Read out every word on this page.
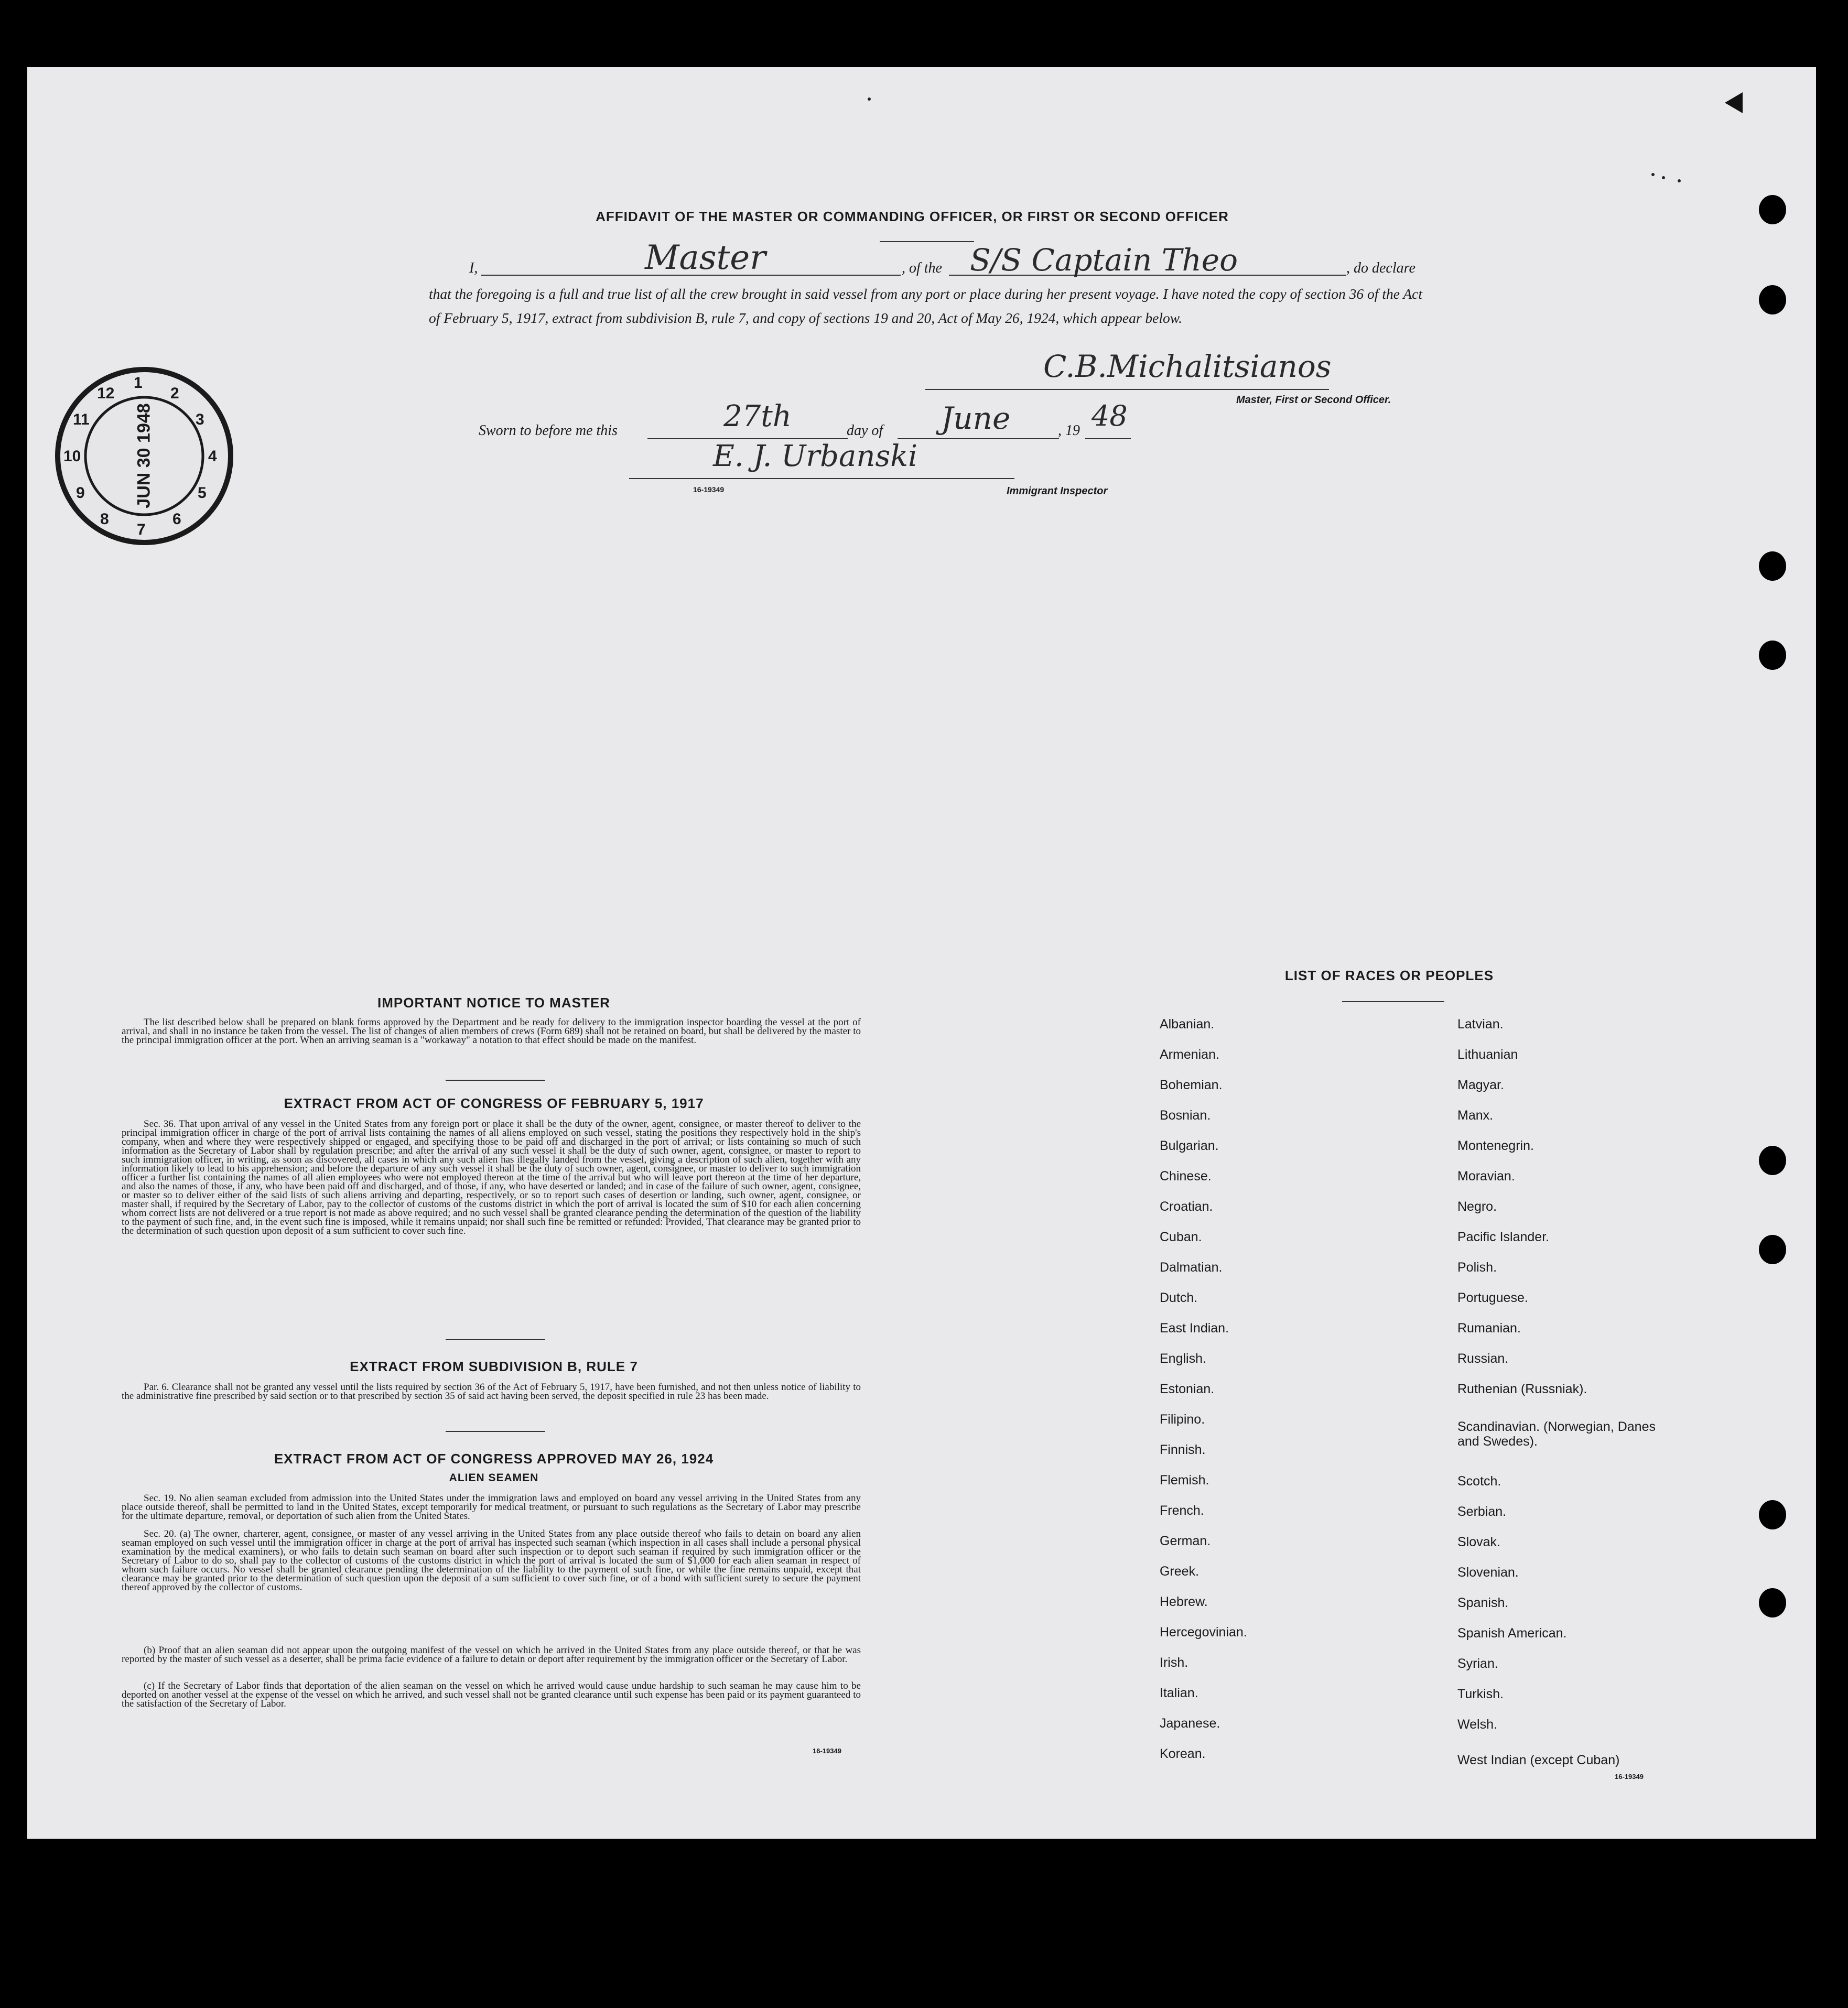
AFFIDAVIT OF THE MASTER OR COMMANDING OFFICER, OR FIRST OR SECOND OFFICER
I,	Master	, of the S/S Captain Theo	, do declare
that the foregoing is a full and true list of all the crew brought in said vessel from any port or place during her present voyage. I have noted the copy of section 36 of the Act of February 5, 1917, extract from subdivision B, rule 7, and copy of sections 19 and 20, Act of May 26, 1924, which appear below.
C.B.Michalitsianos
Master, First or Second Officer.
Sworn to before me this	27th	day of June	, 19 48
E. J. Urbanski
16-19349	Immigrant Inspector
1
2
3
4
5
6
7
8
9
10
11
12
JUN 30 1948
IMPORTANT NOTICE TO MASTER
The list described below shall be prepared on blank forms approved by the Department and be ready for delivery to the immigration inspector boarding the vessel at the port of arrival, and shall in no instance be taken from the vessel. The list of changes of alien members of crews (Form 689) shall not be retained on board, but shall be delivered by the master to the principal immigration officer at the port. When an arriving seaman is a "workaway" a notation to that effect should be made on the manifest.
EXTRACT FROM ACT OF CONGRESS OF FEBRUARY 5, 1917
Sec. 36. That upon arrival of any vessel in the United States from any foreign port or place it shall be the duty of the owner, agent, consignee, or master thereof to deliver to the principal immigration officer in charge of the port of arrival lists containing the names of all aliens employed on such vessel, stating the positions they respectively hold in the ship's company, when and where they were respectively shipped or engaged, and specifying those to be paid off and discharged in the port of arrival; or lists containing so much of such information as the Secretary of Labor shall by regulation prescribe; and after the arrival of any such vessel it shall be the duty of such owner, agent, consignee, or master to report to such immigration officer, in writing, as soon as discovered, all cases in which any such alien has illegally landed from the vessel, giving a description of such alien, together with any information likely to lead to his apprehension; and before the departure of any such vessel it shall be the duty of such owner, agent, consignee, or master to deliver to such immigration officer a further list containing the names of all alien employees who were not employed thereon at the time of the arrival but who will leave port thereon at the time of her departure, and also the names of those, if any, who have been paid off and discharged, and of those, if any, who have deserted or landed; and in case of the failure of such owner, agent, consignee, or master so to deliver either of the said lists of such aliens arriving and departing, respectively, or so to report such cases of desertion or landing, such owner, agent, consignee, or master shall, if required by the Secretary of Labor, pay to the collector of customs of the customs district in which the port of arrival is located the sum of $10 for each alien concerning whom correct lists are not delivered or a true report is not made as above required; and no such vessel shall be granted clearance pending the determination of the question of the liability to the payment of such fine, and, in the event such fine is imposed, while it remains unpaid; nor shall such fine be remitted or refunded: Provided, That clearance may be granted prior to the determination of such question upon deposit of a sum sufficient to cover such fine.
EXTRACT FROM SUBDIVISION B, RULE 7
Par. 6. Clearance shall not be granted any vessel until the lists required by section 36 of the Act of February 5, 1917, have been furnished, and not then unless notice of liability to the administrative fine prescribed by said section or to that prescribed by section 35 of said act having been served, the deposit specified in rule 23 has been made.
EXTRACT FROM ACT OF CONGRESS APPROVED MAY 26, 1924
ALIEN SEAMEN
Sec. 19. No alien seaman excluded from admission into the United States under the immigration laws and employed on board any vessel arriving in the United States from any place outside thereof, shall be permitted to land in the United States, except temporarily for medical treatment, or pursuant to such regulations as the Secretary of Labor may prescribe for the ultimate departure, removal, or deportation of such alien from the United States.
Sec. 20. (a) The owner, charterer, agent, consignee, or master of any vessel arriving in the United States from any place outside thereof who fails to detain on board any alien seaman employed on such vessel until the immigration officer in charge at the port of arrival has inspected such seaman (which inspection in all cases shall include a personal physical examination by the medical examiners), or who fails to detain such seaman on board after such inspection or to deport such seaman if required by such immigration officer or the Secretary of Labor to do so, shall pay to the collector of customs of the customs district in which the port of arrival is located the sum of $1,000 for each alien seaman in respect of whom such failure occurs. No vessel shall be granted clearance pending the determination of the liability to the payment of such fine, or while the fine remains unpaid, except that clearance may be granted prior to the determination of such question upon the deposit of a sum sufficient to cover such fine, or of a bond with sufficient surety to secure the payment thereof approved by the collector of customs.
(b) Proof that an alien seaman did not appear upon the outgoing manifest of the vessel on which he arrived in the United States from any place outside thereof, or that he was reported by the master of such vessel as a deserter, shall be prima facie evidence of a failure to detain or deport after requirement by the immigration officer or the Secretary of Labor.
(c) If the Secretary of Labor finds that deportation of the alien seaman on the vessel on which he arrived would cause undue hardship to such seaman he may cause him to be deported on another vessel at the expense of the vessel on which he arrived, and such vessel shall not be granted clearance until such expense has been paid or its payment guaranteed to the satisfaction of the Secretary of Labor.
16-19349
LIST OF RACES OR PEOPLES
Albanian.
Armenian.
Bohemian.
Bosnian.
Bulgarian.
Chinese.
Croatian.
Cuban.
Dalmatian.
Dutch.
East Indian.
English.
Estonian.
Filipino.
Finnish.
Flemish.
French.
German.
Greek.
Hebrew.
Hercegovinian.
Irish.
Italian.
Japanese.
Korean.
Latvian.
Lithuanian
Magyar.
Manx.
Montenegrin.
Moravian.
Negro.
Pacific Islander.
Polish.
Portuguese.
Rumanian.
Russian.
Ruthenian (Russniak).
Scandinavian. (Norwegian, Danes and Swedes).
Scotch.
Serbian.
Slovak.
Slovenian.
Spanish.
Spanish American.
Syrian.
Turkish.
Welsh.
West Indian (except Cuban)
16-19349
